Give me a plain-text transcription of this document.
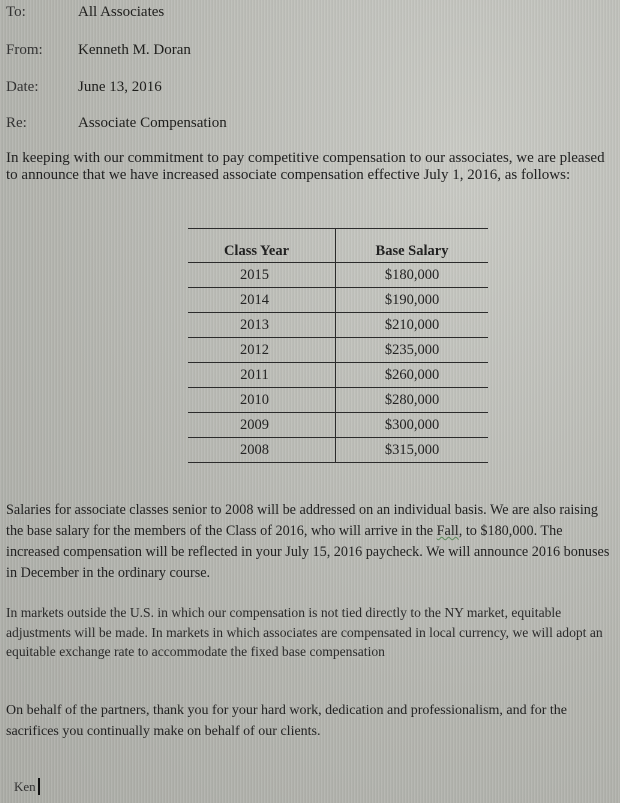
To:	All Associates
From: Kenneth M. Doran
Date:	June 13, 2016
Re:	Associate Compensation

In keeping with our commitment to pay competitive compensation to our associates, we are pleased to announce that we have increased associate compensation effective July 1, 2016, as follows:

Class Year	Base Salary
2015	$180,000
2014	$190,000
2013	$210,000
2012	$235,000
2011	$260,000
2010	$280,000
2009	$300,000
2008	$315,000

Salaries for associate classes senior to 2008 will be addressed on an individual basis. We are also raising the base salary for the members of the Class of 2016, who will arrive in the Fall, to $180,000. The increased compensation will be reflected in your July 15, 2016 paycheck. We will announce 2016 bonuses in December in the ordinary course.

In markets outside the U.S. in which our compensation is not tied directly to the NY market, equitable adjustments will be made. In markets in which associates are compensated in local currency, we will adopt an equitable exchange rate to accommodate the fixed base compensation

On behalf of the partners, thank you for your hard work, dedication and professionalism, and for the sacrifices you continually make on behalf of our clients.

Ken
